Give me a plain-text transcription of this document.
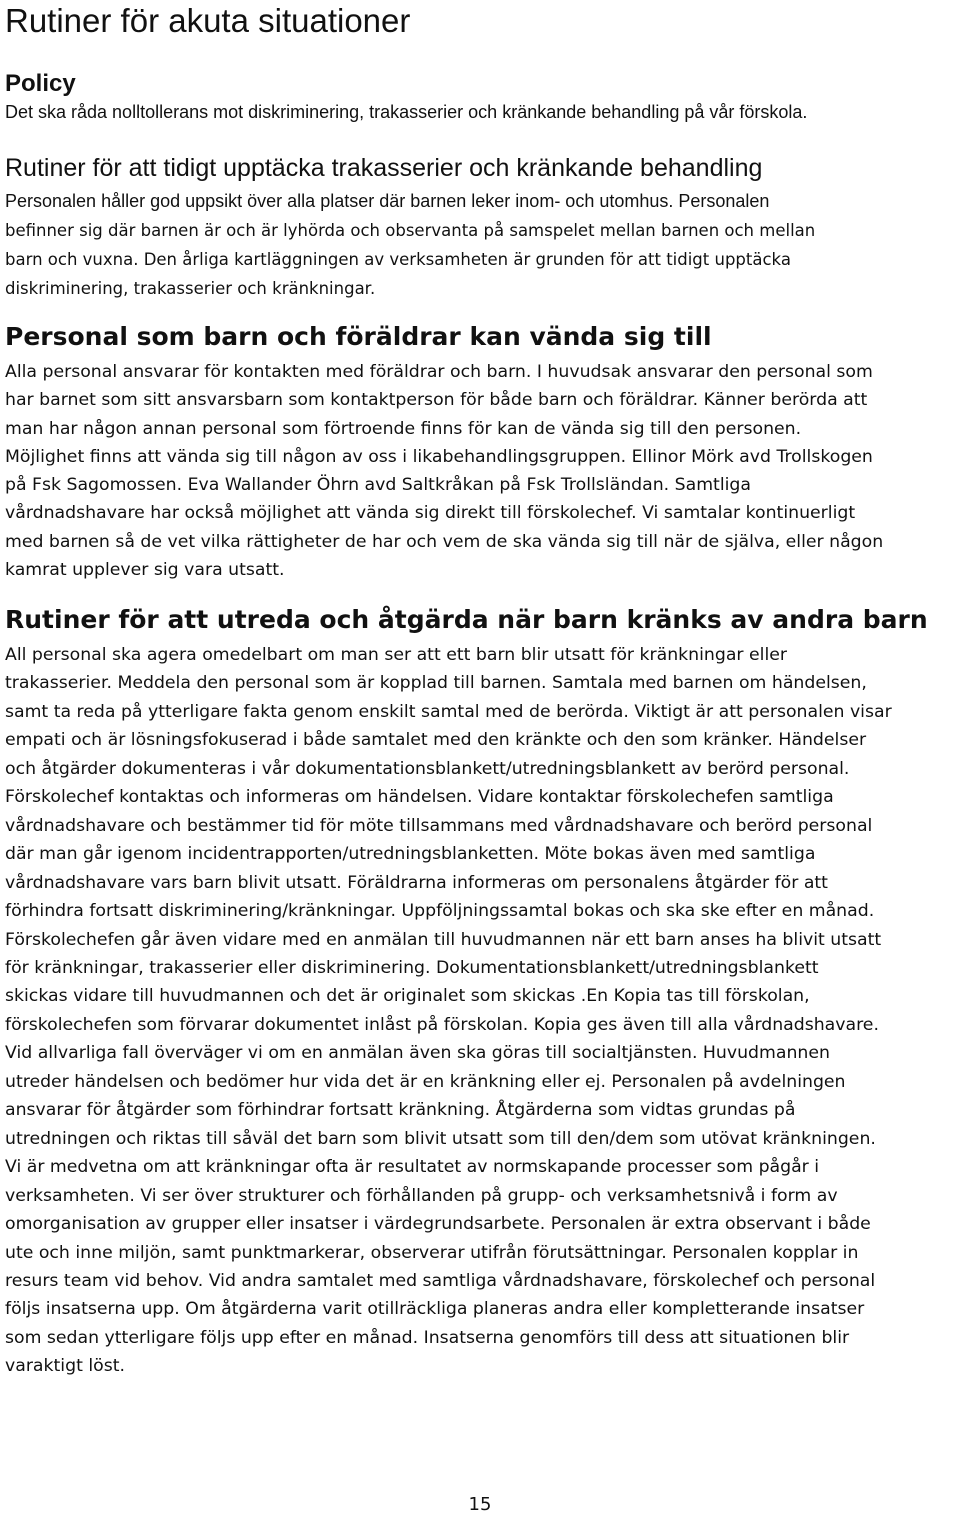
Rutiner för akuta situationer
Policy

Det ska råda nolltollerans mot diskriminering, trakasserier och kränkande behandling på vår förskola.

Rutiner för att tidigt upptäcka trakasserier och kränkande behandling
Personalen håller god uppsikt över alla platser där barnen leker inom- och utomhus. Personalen
befinner sig där barnen är och är lyhörda och observanta på samspelet mellan barnen och mellan
barn och vuxna. Den årliga kartläggningen av verksamheten är grunden för att tidigt upptäcka
diskriminering, trakasserier och kränkningar.
Personal som barn och föräldrar kan vända sig till
Alla personal ansvarar för kontakten med föräldrar och barn. I huvudsak ansvarar den personal som
har barnet som sitt ansvarsbarn som kontaktperson för både barn och föräldrar. Känner berörda att
man har någon annan personal som förtroende finns för kan de vända sig till den personen.
Möjlighet finns att vända sig till någon av oss i likabehandlingsgruppen. Ellinor Mörk avd Trollskogen
på Fsk Sagomossen. Eva Wallander Öhrn avd Saltkråkan på Fsk Trollsländan. Samtliga
vårdnadshavare har också möjlighet att vända sig direkt till förskolechef. Vi samtalar kontinuerligt
med barnen så de vet vilka rättigheter de har och vem de ska vända sig till när de själva, eller någon
kamrat upplever sig vara utsatt.
Rutiner för att utreda och åtgärda när barn kränks av andra barn
All personal ska agera omedelbart om man ser att ett barn blir utsatt för kränkningar eller
trakasserier. Meddela den personal som är kopplad till barnen. Samtala med barnen om händelsen,
samt ta reda på ytterligare fakta genom enskilt samtal med de berörda. Viktigt är att personalen visar
empati och är lösningsfokuserad i både samtalet med den kränkte och den som kränker. Händelser
och åtgärder dokumenteras i vår dokumentationsblankett/utredningsblankett av berörd personal.
Förskolechef kontaktas och informeras om händelsen. Vidare kontaktar förskolechefen samtliga
vårdnadshavare och bestämmer tid för möte tillsammans med vårdnadshavare och berörd personal
där man går igenom incidentrapporten/utredningsblanketten. Möte bokas även med samtliga
vårdnadshavare vars barn blivit utsatt. Föräldrarna informeras om personalens åtgärder för att
förhindra fortsatt diskriminering/kränkningar. Uppföljningssamtal bokas och ska ske efter en månad.
Förskolechefen går även vidare med en anmälan till huvudmannen när ett barn anses ha blivit utsatt
för kränkningar, trakasserier eller diskriminering. Dokumentationsblankett/utredningsblankett
skickas vidare till huvudmannen och det är originalet som skickas .En Kopia tas till förskolan,
förskolechefen som förvarar dokumentet inlåst på förskolan. Kopia ges även till alla vårdnadshavare.
Vid allvarliga fall överväger vi om en anmälan även ska göras till socialtjänsten. Huvudmannen
utreder händelsen och bedömer hur vida det är en kränkning eller ej. Personalen på avdelningen
ansvarar för åtgärder som förhindrar fortsatt kränkning. Åtgärderna som vidtas grundas på
utredningen och riktas till såväl det barn som blivit utsatt som till den/dem som utövat kränkningen.
Vi är medvetna om att kränkningar ofta är resultatet av normskapande processer som pågår i
verksamheten. Vi ser över strukturer och förhållanden på grupp- och verksamhetsnivå i form av
omorganisation av grupper eller insatser i värdegrundsarbete. Personalen är extra observant i både
ute och inne miljön, samt punktmarkerar, observerar utifrån förutsättningar. Personalen kopplar in
resurs team vid behov. Vid andra samtalet med samtliga vårdnadshavare, förskolechef och personal
följs insatserna upp. Om åtgärderna varit otillräckliga planeras andra eller kompletterande insatser
som sedan ytterligare följs upp efter en månad. Insatserna genomförs till dess att situationen blir
varaktigt löst.
15
